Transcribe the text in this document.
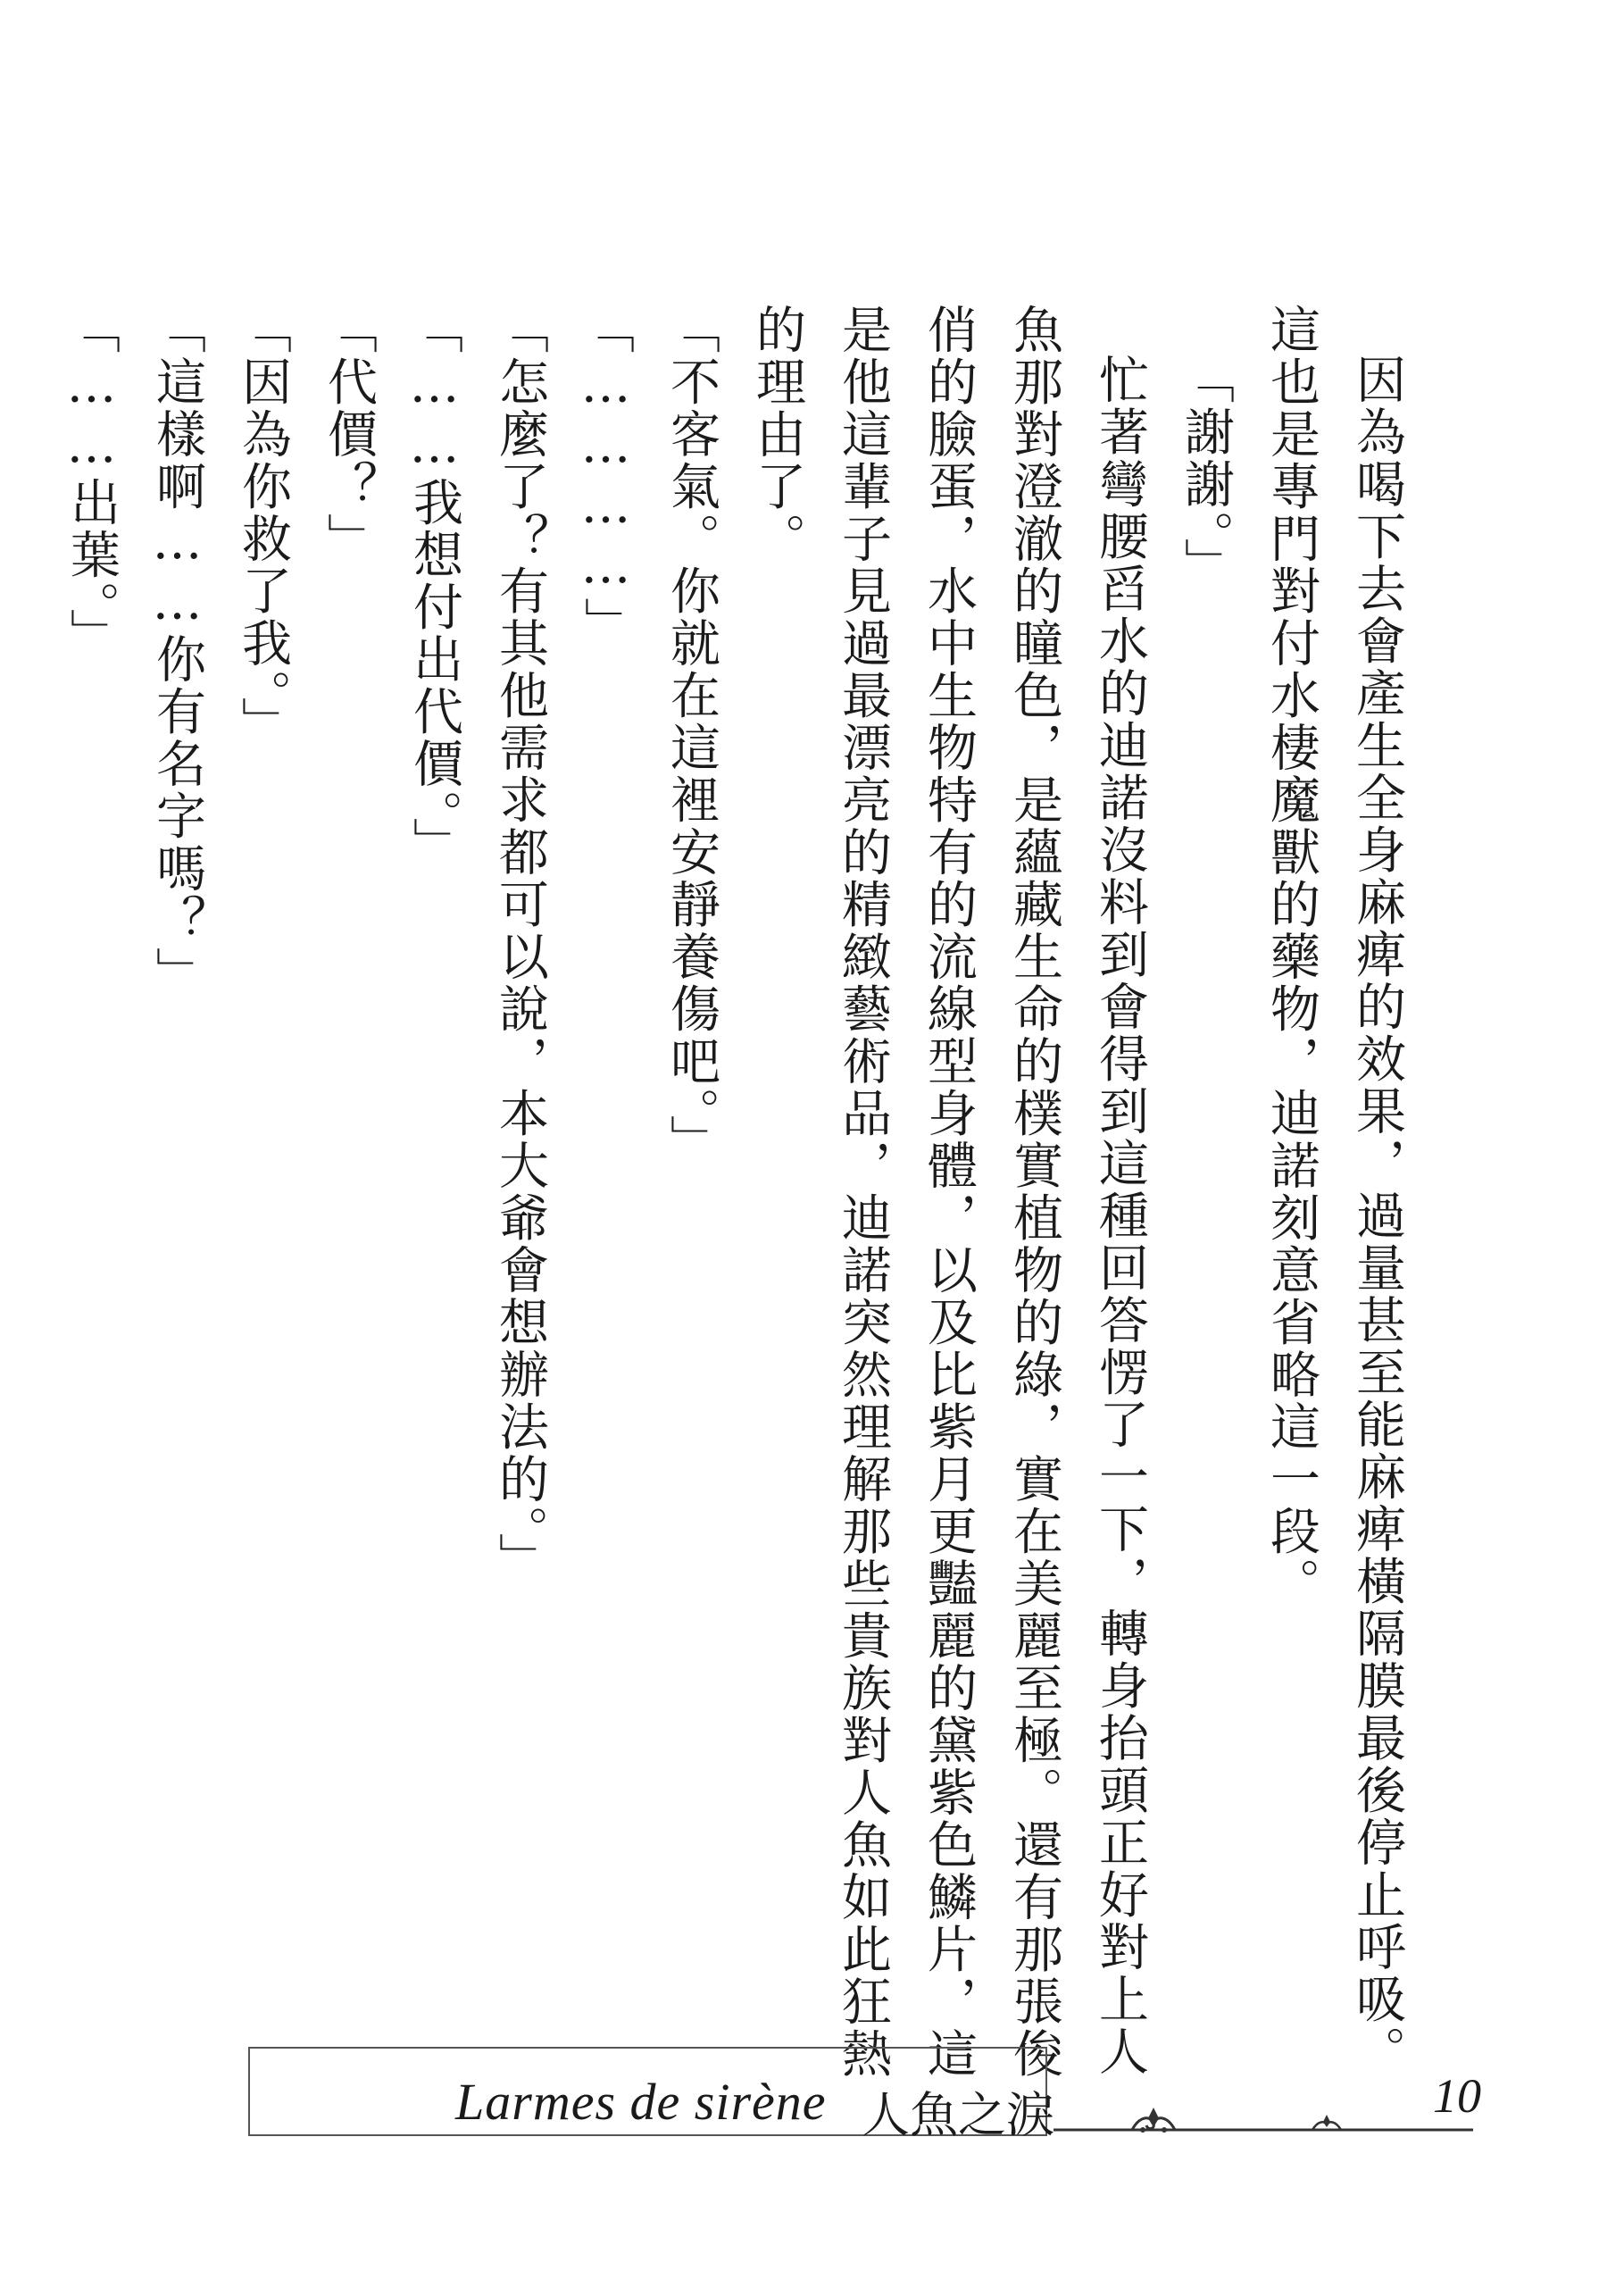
因為喝下去會產生全身麻痺的效果，過量甚至能麻痺橫隔膜最後停止呼吸。這也是專門對付水棲魔獸的藥物，迪諾刻意省略這一段。

「謝謝。」

忙著彎腰舀水的迪諾沒料到會得到這種回答愣了一下，轉身抬頭正好對上人魚那對澄澈的瞳色，是蘊藏生命的樸實植物的綠，實在美麗至極。還有那張俊俏的臉蛋，水中生物特有的流線型身體，以及比紫月更豔麗的黛紫色鱗片，這是他這輩子見過最漂亮的精緻藝術品，迪諾突然理解那些貴族對人魚如此狂熱的理由了。

「不客氣。你就在這裡安靜養傷吧。」

「…………」

「怎麼了？有其他需求都可以說，本大爺會想辦法的。」

「……我想付出代價。」

「代價？」

「因為你救了我。」

「這樣啊……你有名字嗎？」

「……出葉。」

Larmes de sirène 人魚之淚	10
